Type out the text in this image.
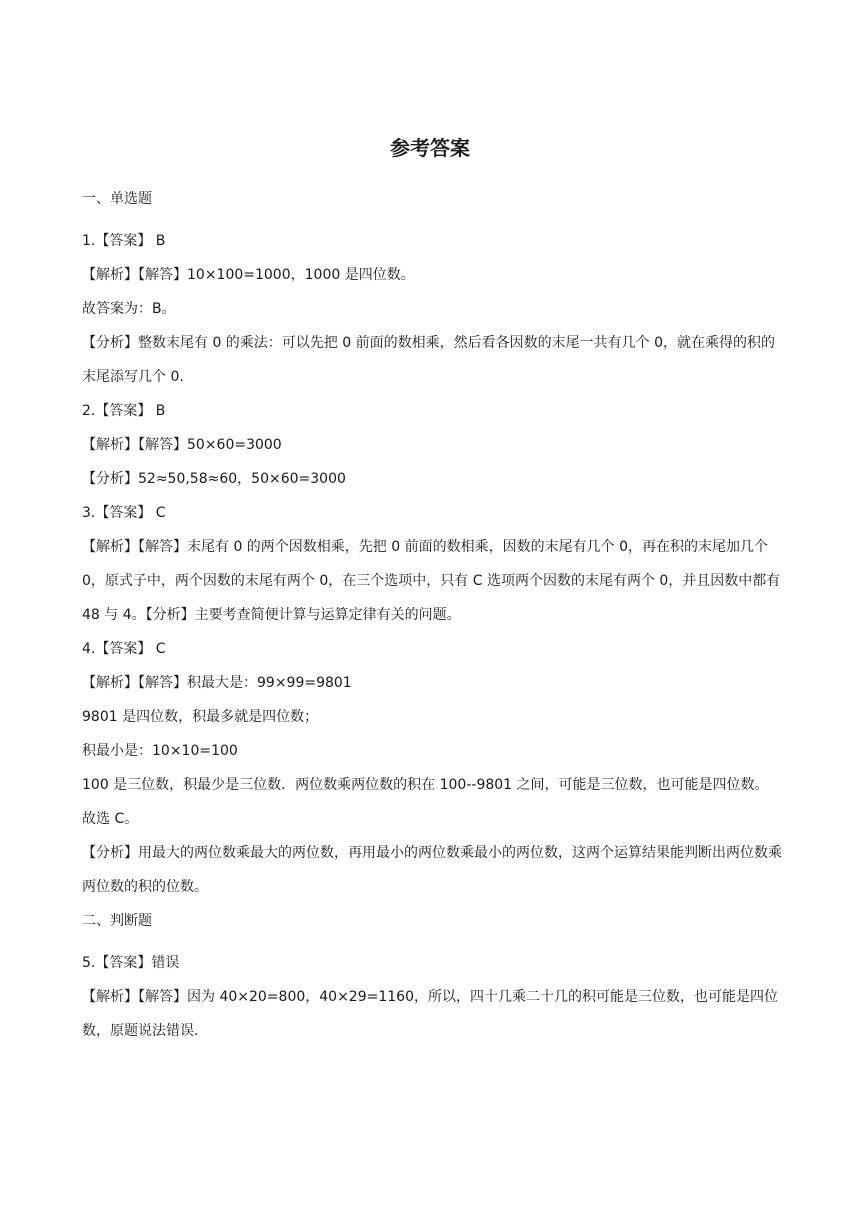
参考答案
一、单选题
1.【答案】 B
【解析】【解答】10×100=1000，1000 是四位数。
故答案为：B。
【分析】整数末尾有 0 的乘法：可以先把 0 前面的数相乘，然后看各因数的末尾一共有几个 0，就在乘得的积的末尾添写几个 0.
2.【答案】 B
【解析】【解答】50×60=3000
【分析】52≈50,58≈60，50×60=3000
3.【答案】 C
【解析】【解答】末尾有 0 的两个因数相乘，先把 0 前面的数相乘，因数的末尾有几个 0，再在积的末尾加几个 0，原式子中，两个因数的末尾有两个 0，在三个选项中，只有 C 选项两个因数的末尾有两个 0，并且因数中都有 48 与 4。【分析】主要考查简便计算与运算定律有关的问题。
4.【答案】 C
【解析】【解答】积最大是：99×99=9801
9801 是四位数，积最多就是四位数；
积最小是：10×10=100
100 是三位数，积最少是三位数．两位数乘两位数的积在 100--9801 之间，可能是三位数，也可能是四位数。
故选 C。
【分析】用最大的两位数乘最大的两位数，再用最小的两位数乘最小的两位数，这两个运算结果能判断出两位数乘两位数的积的位数。
二、判断题
5.【答案】错误
【解析】【解答】因为 40×20=800，40×29=1160，所以，四十几乘二十几的积可能是三位数，也可能是四位数，原题说法错误.
